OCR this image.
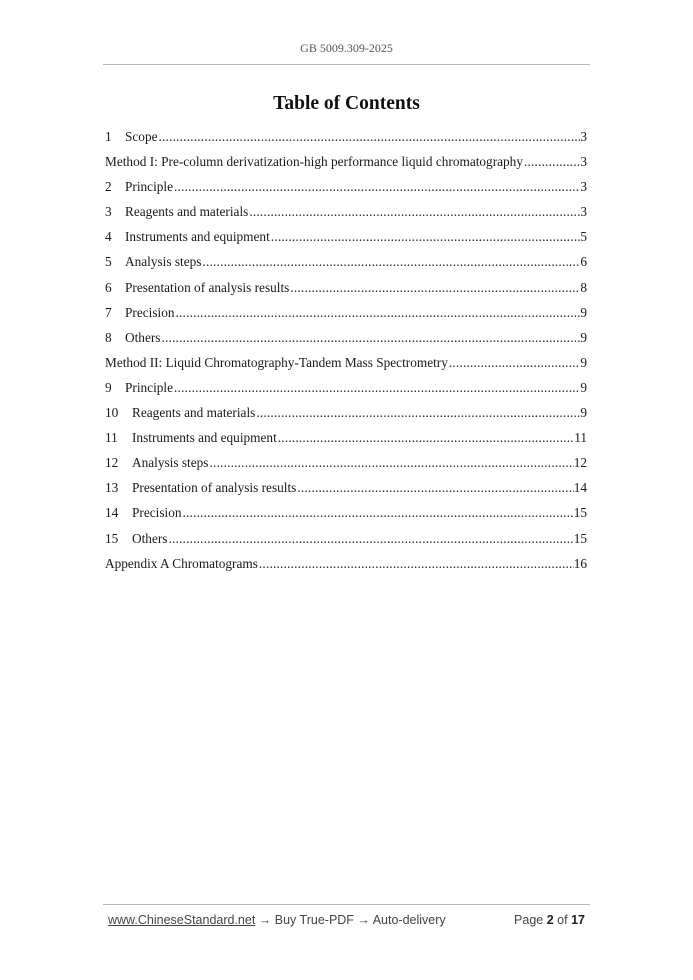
GB 5009.309-2025
Table of Contents
1	Scope .....	3
Method I: Pre-column derivatization-high performance liquid chromatography .....	3
2	Principle .....	3
3	Reagents and materials .....	3
4	Instruments and equipment .....	5
5	Analysis steps .....	6
6	Presentation of analysis results .....	8
7	Precision .....	9
8	Others .....	9
Method II: Liquid Chromatography-Tandem Mass Spectrometry .....	9
9	Principle .....	9
10	Reagents and materials .....	9
11	Instruments and equipment .....	11
12	Analysis steps .....	12
13	Presentation of analysis results .....	14
14	Precision .....	15
15	Others .....	15
Appendix A Chromatograms .....	16
www.ChineseStandard.net → Buy True-PDF → Auto-delivery	Page 2 of 17
